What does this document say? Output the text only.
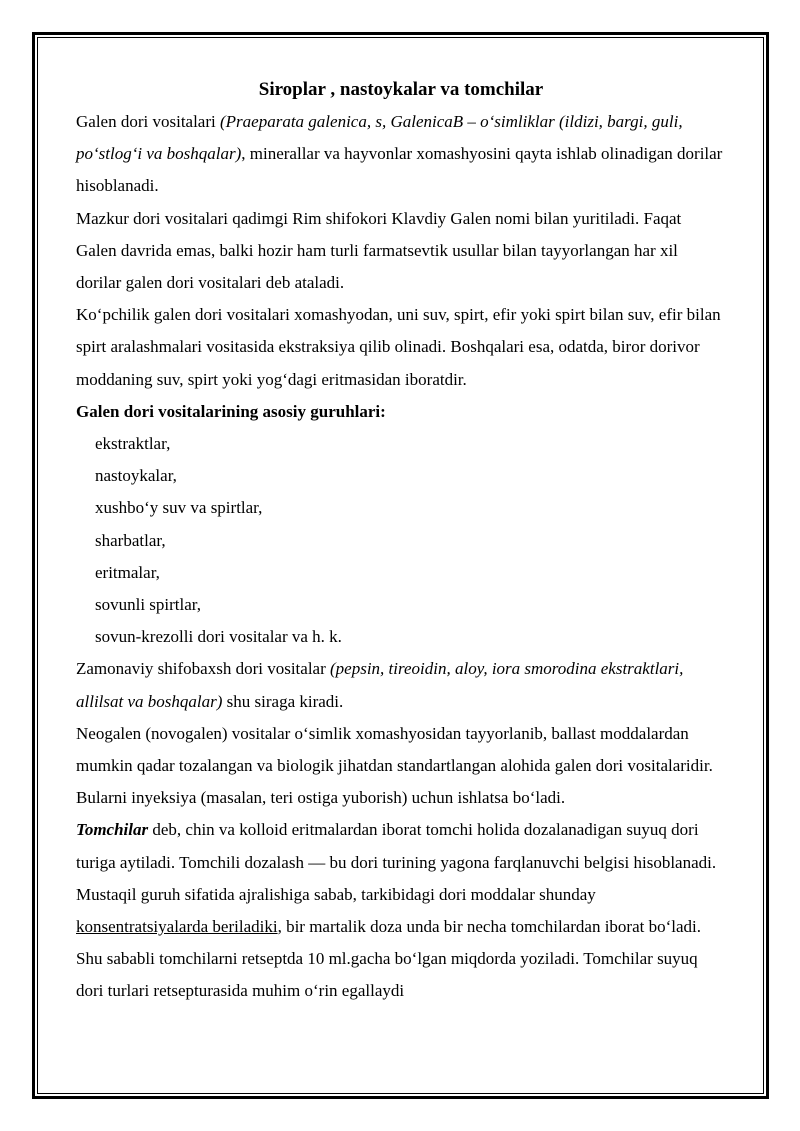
Siroplar , nastoykalar va tomchilar

Galen dori vositalari (Praeparata galenica, s, GalenicaB – o‘simliklar (ildizi, bargi, guli, po‘stlog‘i va boshqalar), minerallar va hayvonlar xomashyosini qayta ishlab olinadigan dorilar hisoblanadi.

Mazkur dori vositalari qadimgi Rim shifokori Klavdiy Galen nomi bilan yuritiladi. Faqat Galen davrida emas, balki hozir ham turli farmatsevtik usullar bilan tayyorlangan har xil dorilar galen dori vositalari deb ataladi.

Ko‘pchilik galen dori vositalari xomashyodan, uni suv, spirt, efir yoki spirt bilan suv, efir bilan spirt aralashmalari vositasida ekstraksiya qilib olinadi. Boshqalari esa, odatda, biror dorivor moddaning suv, spirt yoki yog‘dagi eritmasidan iboratdir.

Galen dori vositalarining asosiy guruhlari:

ekstraktlar,
nastoykalar,
xushbo‘y suv va spirtlar,
sharbatlar,
eritmalar,
sovunli spirtlar,
sovun-krezolli dori vositalar va h. k.

Zamonaviy shifobaxsh dori vositalar (pepsin, tireoidin, aloy, iora smorodina ekstraktlari, allilsat va boshqalar) shu siraga kiradi.

Neogalen (novogalen) vositalar o‘simlik xomashyosidan tayyorlanib, ballast moddalardan mumkin qadar tozalangan va biologik jihatdan standartlangan alohida galen dori vositalaridir. Bularni inyeksiya (masalan, teri ostiga yuborish) uchun ishlatsa bo‘ladi.

Tomchilar deb, chin va kolloid eritmalardan iborat tomchi holida dozalanadigan suyuq dori turiga aytiladi. Tomchili dozalash — bu dori turining yagona farqlanuvchi belgisi hisoblanadi. Mustaqil guruh sifatida ajralishiga sabab, tarkibidagi dori moddalar shunday konsentratsiyalarda beriladiki, bir martalik doza unda bir necha tomchilardan iborat bo‘ladi. Shu sababli tomchilarni retseptda 10 ml.gacha bo‘lgan miqdorda yoziladi. Tomchilar suyuq dori turlari retsepturasida muhim o‘rin egallaydi
